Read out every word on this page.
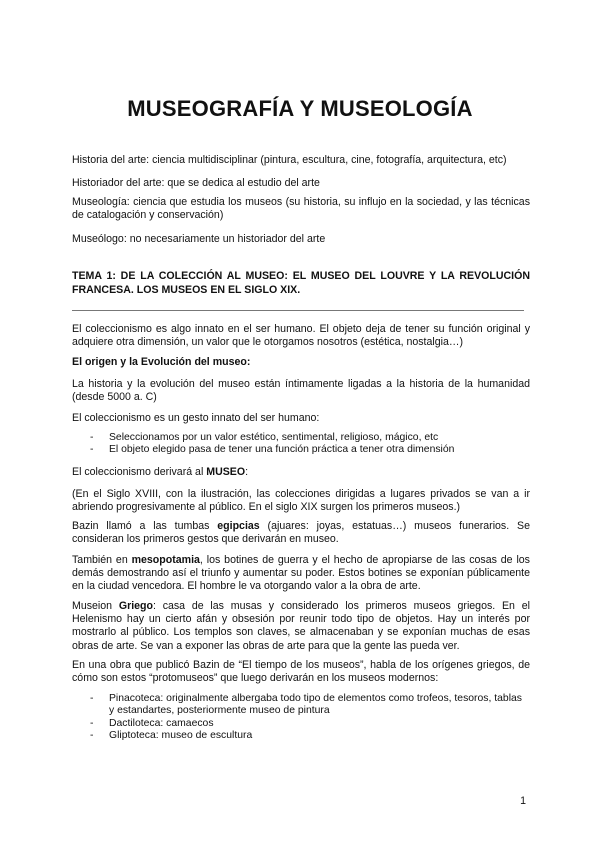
MUSEOGRAFÍA Y MUSEOLOGÍA
Historia del arte: ciencia multidisciplinar (pintura, escultura, cine, fotografía, arquitectura, etc)
Historiador del arte: que se dedica al estudio del arte
Museología: ciencia que estudia los museos (su historia, su influjo en la sociedad, y las técnicas de catalogación y conservación)
Museólogo: no necesariamente un historiador del arte
TEMA 1: DE LA COLECCIÓN AL MUSEO: EL MUSEO DEL LOUVRE Y LA REVOLUCIÓN FRANCESA. LOS MUSEOS EN EL SIGLO XIX.
El coleccionismo es algo innato en el ser humano. El objeto deja de tener su función original y adquiere otra dimensión, un valor que le otorgamos nosotros (estética, nostalgia…)
El origen y la Evolución del museo:
La historia y la evolución del museo están íntimamente ligadas a la historia de la humanidad (desde 5000 a. C)
El coleccionismo es un gesto innato del ser humano:
- Seleccionamos por un valor estético, sentimental, religioso, mágico, etc
- El objeto elegido pasa de tener una función práctica a tener otra dimensión
El coleccionismo derivará al MUSEO:
(En el Siglo XVIII, con la ilustración, las colecciones dirigidas a lugares privados se van a ir abriendo progresivamente al público. En el siglo XIX surgen los primeros museos.)
Bazin llamó a las tumbas egipcias (ajuares: joyas, estatuas…) museos funerarios. Se consideran los primeros gestos que derivarán en museo.
También en mesopotamia, los botines de guerra y el hecho de apropiarse de las cosas de los demás demostrando así el triunfo y aumentar su poder. Estos botines se exponían públicamente en la ciudad vencedora. El hombre le va otorgando valor a la obra de arte.
Museion Griego: casa de las musas y considerado los primeros museos griegos. En el Helenismo hay un cierto afán y obsesión por reunir todo tipo de objetos. Hay un interés por mostrarlo al público. Los templos son claves, se almacenaban y se exponían muchas de esas obras de arte. Se van a exponer las obras de arte para que la gente las pueda ver.
En una obra que publicó Bazin de “El tiempo de los museos”, habla de los orígenes griegos, de cómo son estos “protomuseos” que luego derivarán en los museos modernos:
- Pinacoteca: originalmente albergaba todo tipo de elementos como trofeos, tesoros, tablas y estandartes, posteriormente museo de pintura
- Dactiloteca: camaecos
- Gliptoteca: museo de escultura
1
